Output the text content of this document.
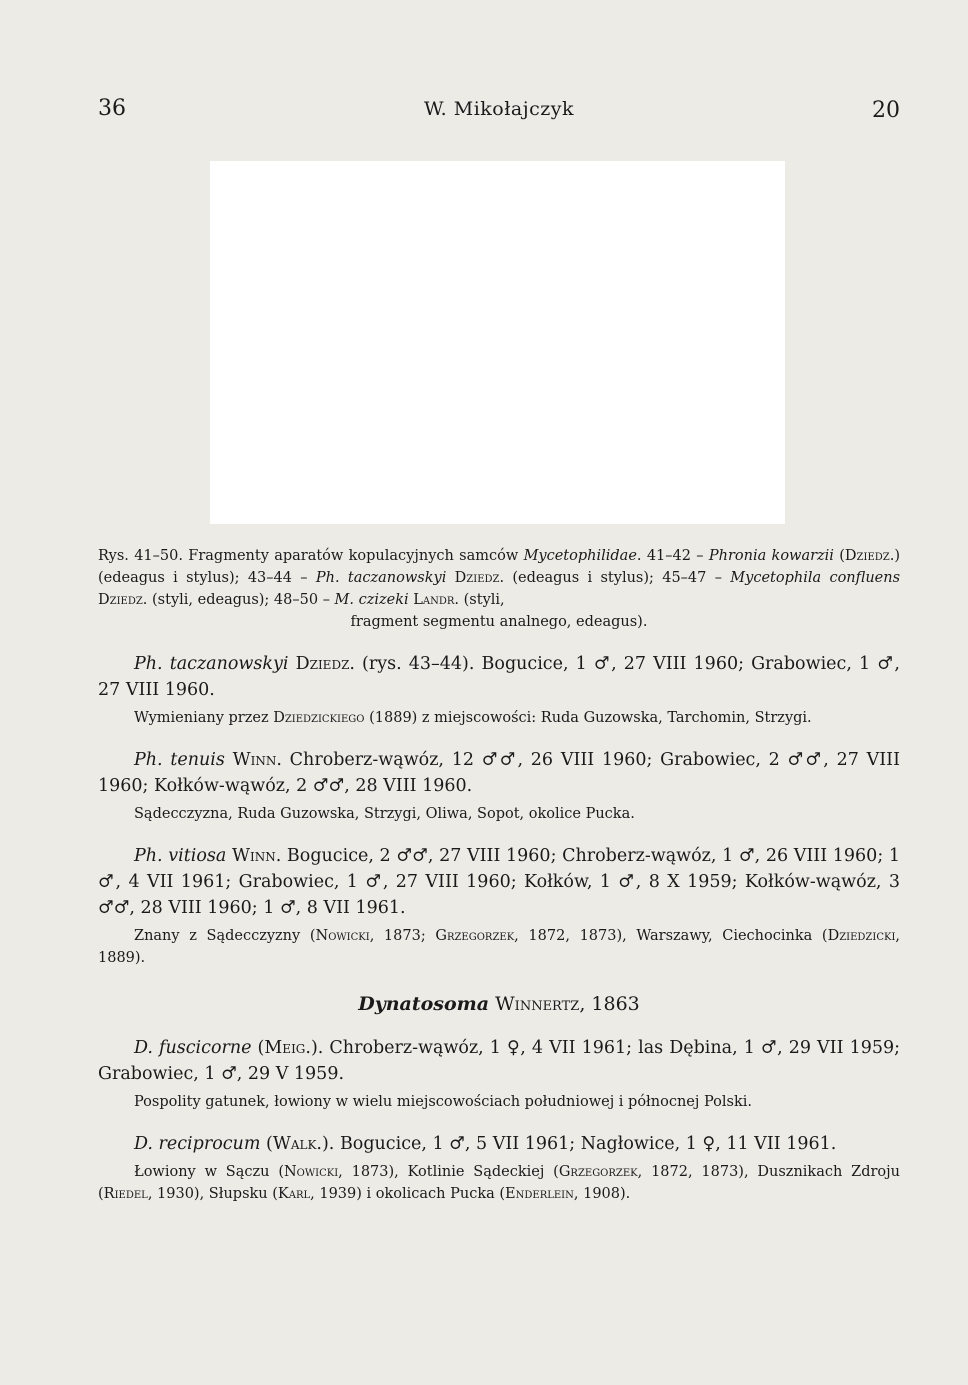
36	W. Mikołajczyk	20

Rys. 41–50. Fragmenty aparatów kopulacyjnych samców Mycetophilidae. 41–42 – Phronia kowarzii (Dziedz.) (edeagus i stylus); 43–44 – Ph. taczanowskyi Dziedz. (edeagus i stylus); 45–47 – Mycetophila confluens Dziedz. (styli, edeagus); 48–50 – M. czizeki Landr. (styli,
fragment segmentu analnego, edeagus).

Ph. taczanowskyi Dziedz. (rys. 43–44). Bogucice, 1 ♂, 27 VIII 1960; Grabowiec, 1 ♂, 27 VIII 1960.

Wymieniany przez Dziedzickiego (1889) z miejscowości: Ruda Guzowska, Tarchomin, Strzygi.

Ph. tenuis Winn. Chroberz-wąwóz, 12 ♂♂, 26 VIII 1960; Grabowiec, 2 ♂♂, 27 VIII 1960; Kołków-wąwóz, 2 ♂♂, 28 VIII 1960.

Sądecczyzna, Ruda Guzowska, Strzygi, Oliwa, Sopot, okolice Pucka.

Ph. vitiosa Winn. Bogucice, 2 ♂♂, 27 VIII 1960; Chroberz-wąwóz, 1 ♂, 26 VIII 1960; 1 ♂, 4 VII 1961; Grabowiec, 1 ♂, 27 VIII 1960; Kołków, 1 ♂, 8 X 1959; Kołków-wąwóz, 3 ♂♂, 28 VIII 1960; 1 ♂, 8 VII 1961.

Znany z Sądecczyzny (Nowicki, 1873; Grzegorzek, 1872, 1873), Warszawy, Ciechocinka (Dziedzicki, 1889).

Dynatosoma Winnertz, 1863

D. fuscicorne (Meig.). Chroberz-wąwóz, 1 ♀, 4 VII 1961; las Dębina, 1 ♂, 29 VII 1959; Grabowiec, 1 ♂, 29 V 1959.

Pospolity gatunek, łowiony w wielu miejscowościach południowej i północnej Polski.

D. reciprocum (Walk.). Bogucice, 1 ♂, 5 VII 1961; Nagłowice, 1 ♀, 11 VII 1961.

Łowiony w Sączu (Nowicki, 1873), Kotlinie Sądeckiej (Grzegorzek, 1872, 1873), Dusznikach Zdroju (Riedel, 1930), Słupsku (Karl, 1939) i okolicach Pucka (Enderlein, 1908).
